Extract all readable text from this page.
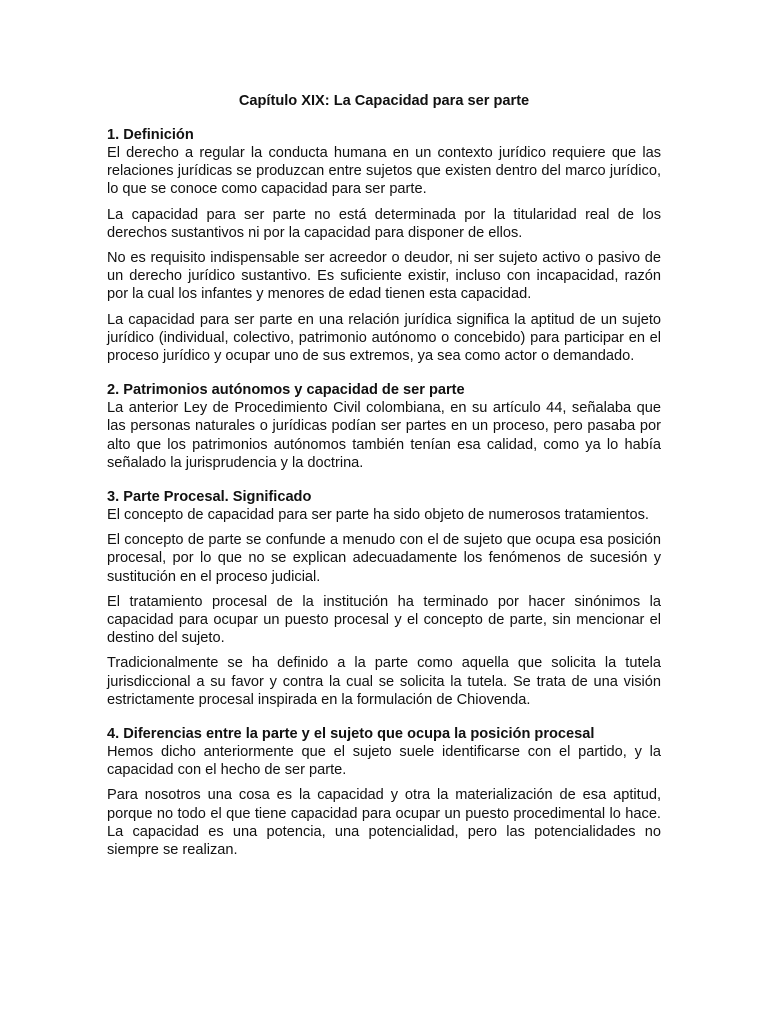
Capítulo XIX: La Capacidad para ser parte
1. Definición

El derecho a regular la conducta humana en un contexto jurídico requiere que las relaciones jurídicas se produzcan entre sujetos que existen dentro del marco jurídico, lo que se conoce como capacidad para ser parte.

La capacidad para ser parte no está determinada por la titularidad real de los derechos sustantivos ni por la capacidad para disponer de ellos.

No es requisito indispensable ser acreedor o deudor, ni ser sujeto activo o pasivo de un derecho jurídico sustantivo. Es suficiente existir, incluso con incapacidad, razón por la cual los infantes y menores de edad tienen esta capacidad.

La capacidad para ser parte en una relación jurídica significa la aptitud de un sujeto jurídico (individual, colectivo, patrimonio autónomo o concebido) para participar en el proceso jurídico y ocupar uno de sus extremos, ya sea como actor o demandado.

2. Patrimonios autónomos y capacidad de ser parte

La anterior Ley de Procedimiento Civil colombiana, en su artículo 44, señalaba que las personas naturales o jurídicas podían ser partes en un proceso, pero pasaba por alto que los patrimonios autónomos también tenían esa calidad, como ya lo había señalado la jurisprudencia y la doctrina.

3. Parte Procesal. Significado

El concepto de capacidad para ser parte ha sido objeto de numerosos tratamientos.

El concepto de parte se confunde a menudo con el de sujeto que ocupa esa posición procesal, por lo que no se explican adecuadamente los fenómenos de sucesión y sustitución en el proceso judicial.

El tratamiento procesal de la institución ha terminado por hacer sinónimos la capacidad para ocupar un puesto procesal y el concepto de parte, sin mencionar el destino del sujeto.

Tradicionalmente se ha definido a la parte como aquella que solicita la tutela jurisdiccional a su favor y contra la cual se solicita la tutela. Se trata de una visión estrictamente procesal inspirada en la formulación de Chiovenda.

4. Diferencias entre la parte y el sujeto que ocupa la posición procesal

Hemos dicho anteriormente que el sujeto suele identificarse con el partido, y la capacidad con el hecho de ser parte.

Para nosotros una cosa es la capacidad y otra la materialización de esa aptitud, porque no todo el que tiene capacidad para ocupar un puesto procedimental lo hace. La capacidad es una potencia, una potencialidad, pero las potencialidades no siempre se realizan.
